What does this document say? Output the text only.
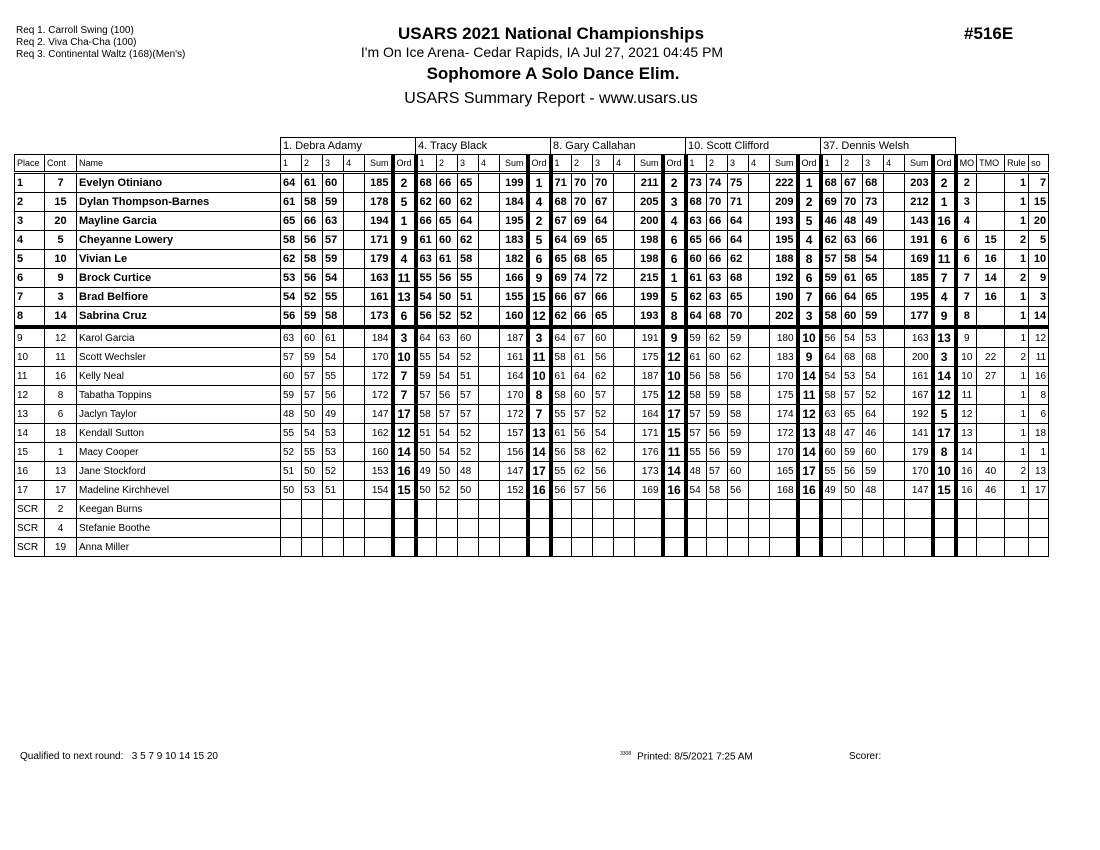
Req 1. Carroll Swing (100)
Req 2. Viva Cha-Cha (100)
Req 3. Continental Waltz (168)(Men's)
USARS 2021 National Championships
I'm On Ice Arena- Cedar Rapids, IA Jul 27, 2021 04:45 PM
Sophomore A Solo Dance Elim.
USARS Summary Report - www.usars.us
#516E
			1. Debra Adamy						4. Tracy Black						8. Gary Callahan						10. Scott Clifford						37. Dennis Welsh									
Place	Cont	Name	1	2	3	4	Sum	Ord	1	2	3	4	Sum	Ord	1	2	3	4	Sum	Ord	1	2	3	4	Sum	Ord	1	2	3	4	Sum	Ord	MO	TMO	Rule	so
1	7	Evelyn Otiniano	64	61	60		185	2	68	66	65		199	1	71	70	70		211	2	73	74	75		222	1	68	67	68		203	2	2		1	7
2	15	Dylan Thompson-Barnes	61	58	59		178	5	62	60	62		184	4	68	70	67		205	3	68	70	71		209	2	69	70	73		212	1	3		1	15
3	20	Mayline Garcia	65	66	63		194	1	66	65	64		195	2	67	69	64		200	4	63	66	64		193	5	46	48	49		143	16	4		1	20
4	5	Cheyanne Lowery	58	56	57		171	9	61	60	62		183	5	64	69	65		198	6	65	66	64		195	4	62	63	66		191	6	6	15	2	5
5	10	Vivian Le	62	58	59		179	4	63	61	58		182	6	65	68	65		198	6	60	66	62		188	8	57	58	54		169	11	6	16	1	10
6	9	Brock Curtice	53	56	54		163	11	55	56	55		166	9	69	74	72		215	1	61	63	68		192	6	59	61	65		185	7	7	14	2	9
7	3	Brad Belfiore	54	52	55		161	13	54	50	51		155	15	66	67	66		199	5	62	63	65		190	7	66	64	65		195	4	7	16	1	3
8	14	Sabrina Cruz	56	59	58		173	6	56	52	52		160	12	62	66	65		193	8	64	68	70		202	3	58	60	59		177	9	8		1	14
9	12	Karol Garcia	63	60	61		184	3	64	63	60		187	3	64	67	60		191	9	59	62	59		180	10	56	54	53		163	13	9		1	12
10	11	Scott Wechsler	57	59	54		170	10	55	54	52		161	11	58	61	56		175	12	61	60	62		183	9	64	68	68		200	3	10	22	2	11
11	16	Kelly Neal	60	57	55		172	7	59	54	51		164	10	61	64	62		187	10	56	58	56		170	14	54	53	54		161	14	10	27	1	16
12	8	Tabatha Toppins	59	57	56		172	7	57	56	57		170	8	58	60	57		175	12	58	59	58		175	11	58	57	52		167	12	11		1	8
13	6	Jaclyn Taylor	48	50	49		147	17	58	57	57		172	7	55	57	52		164	17	57	59	58		174	12	63	65	64		192	5	12		1	6
14	18	Kendall Sutton	55	54	53		162	12	51	54	52		157	13	61	56	54		171	15	57	56	59		172	13	48	47	46		141	17	13		1	18
15	1	Macy Cooper	52	55	53		160	14	50	54	52		156	14	56	58	62		176	11	55	56	59		170	14	60	59	60		179	8	14		1	1
16	13	Jane Stockford	51	50	52		153	16	49	50	48		147	17	55	62	56		173	14	48	57	60		165	17	55	56	59		170	10	16	40	2	13
17	17	Madeline Kirchhevel	50	53	51		154	15	50	52	50		152	16	56	57	56		169	16	54	58	56		168	16	49	50	48		147	15	16	46	1	17
SCR	2	Keegan Burns																																		
SCR	4	Stefanie Boothe																																		
SCR	19	Anna Miller																																		
Qualified to next round: 3 5 7 9 10 14 15 20	$^{3308}$ Printed: 8/5/2021 7:25 AM	Scorer:
